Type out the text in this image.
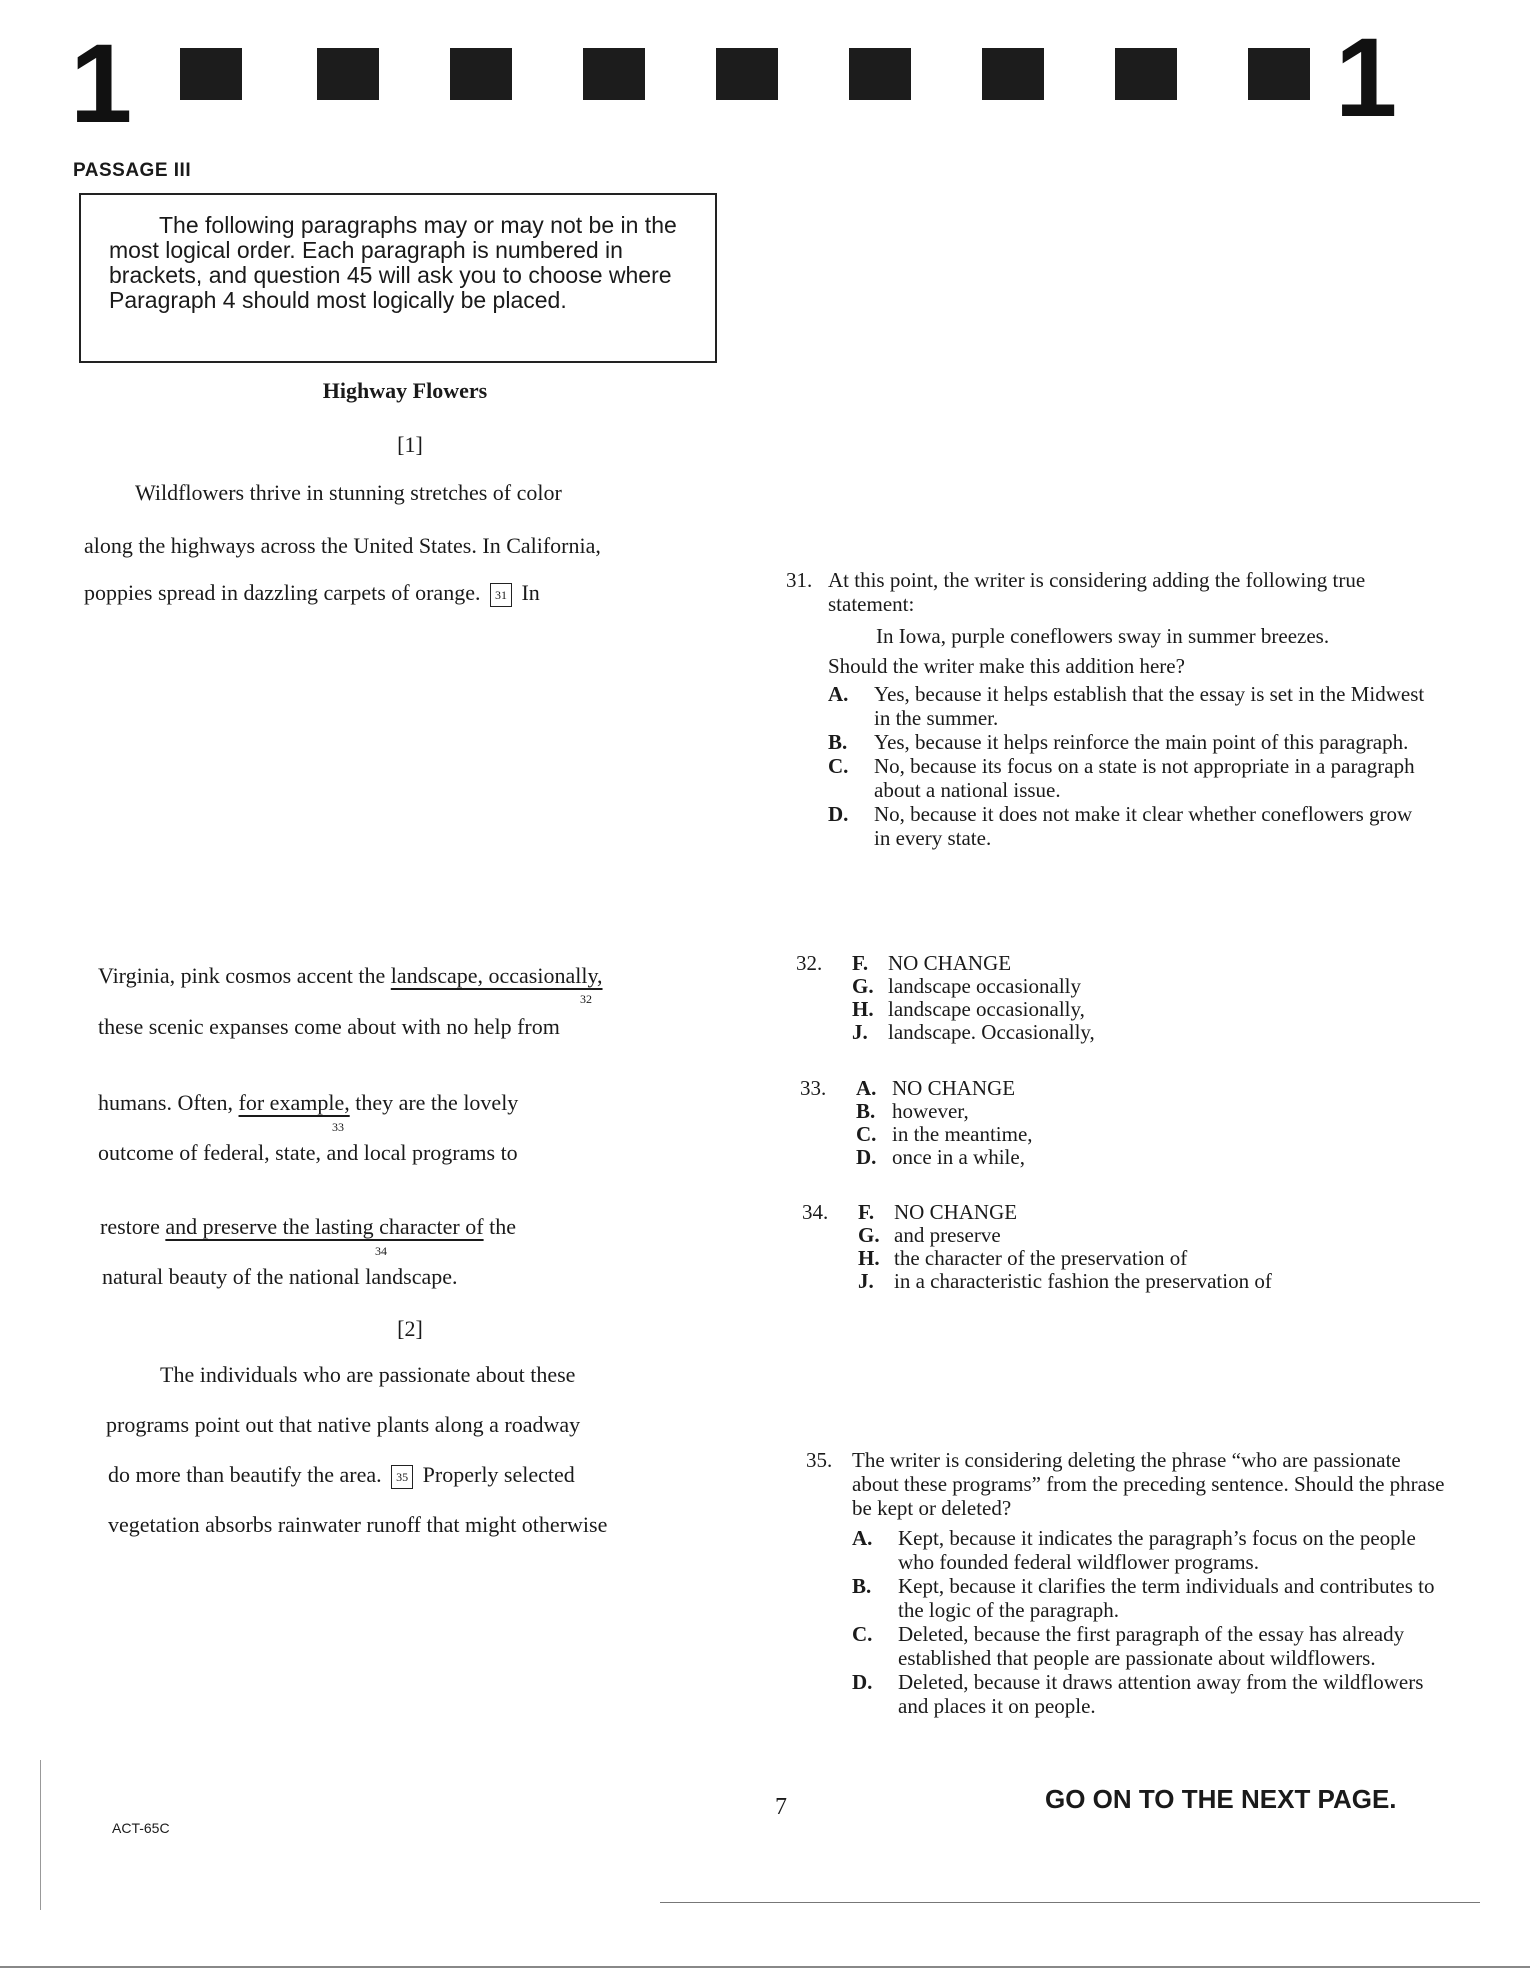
1	1
PASSAGE III

The following paragraphs may or may not be in the most logical order. Each paragraph is numbered in brackets, and question 45 will ask you to choose where Paragraph 4 should most logically be placed.

Highway Flowers
[1]
Wildflowers thrive in stunning stretches of color
along the highways across the United States. In California,
poppies spread in dazzling carpets of orange. 31 In
Virginia, pink cosmos accent the landscape, occasionally,
32
these scenic expanses come about with no help from
humans. Often, for example, they are the lovely
33
outcome of federal, state, and local programs to
restore and preserve the lasting character of the
34
natural beauty of the national landscape.
[2]
The individuals who are passionate about these
programs point out that native plants along a roadway
do more than beautify the area. 35 Properly selected
vegetation absorbs rainwater runoff that might otherwise
31. At this point, the writer is considering adding the following true statement:

In Iowa, purple coneflowers sway in summer breezes.

Should the writer make this addition here?

A.	Yes, because it helps establish that the essay is set in the Midwest in the summer.
B.	Yes, because it helps reinforce the main point of this paragraph.
C.	No, because its focus on a state is not appropriate in a paragraph about a national issue.
D.	No, because it does not make it clear whether coneflowers grow in every state.
32.	F. NO CHANGE
G. landscape occasionally
H. landscape occasionally,
J. landscape. Occasionally,
33.	A. NO CHANGE
B. however,
C. in the meantime,
D. once in a while,
34.	F. NO CHANGE
G. and preserve
H. the character of the preservation of
J. in a characteristic fashion the preservation of
35. The writer is considering deleting the phrase “who are passionate about these programs” from the preceding sentence. Should the phrase be kept or deleted?

A.	Kept, because it indicates the paragraph’s focus on the people who founded federal wildflower programs.
B.	Kept, because it clarifies the term individuals and contributes to the logic of the paragraph.
C.	Deleted, because the first paragraph of the essay has already established that people are passionate about wildflowers.
D.	Deleted, because it draws attention away from the wildflowers and places it on people.
ACT-65C
7	GO ON TO THE NEXT PAGE.
